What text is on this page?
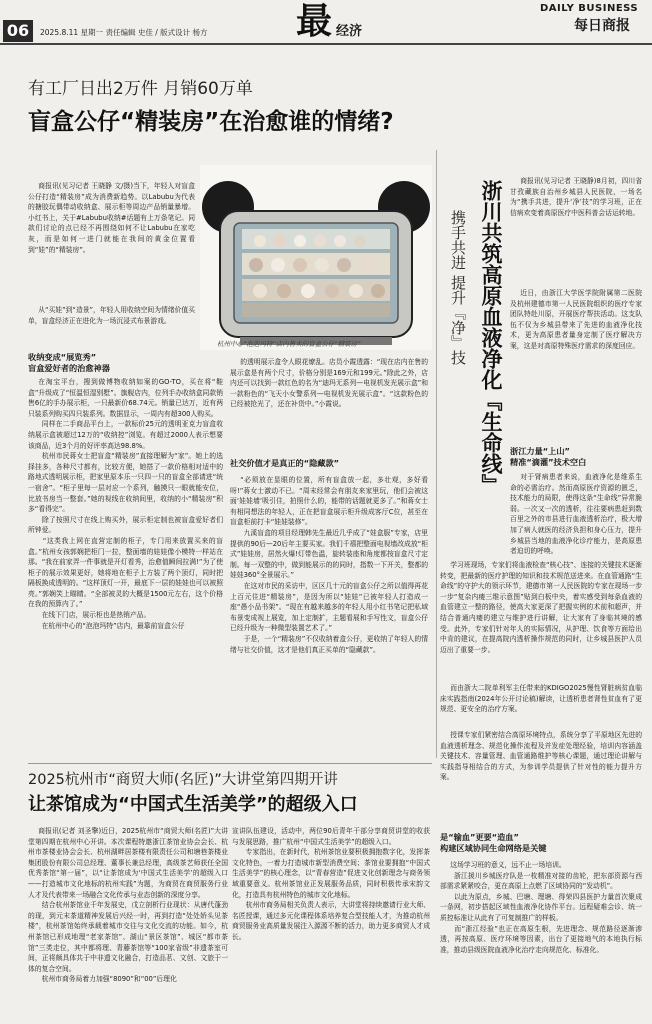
06	2025.8.11 星期一 责任编辑 史佳 / 版式设计 杨方 最 经济
DAILY BUSINESS
每日商报
有工厂日出2万件 月销60万单
盲盒公仔“精装房”在治愈谁的情绪?
商报讯(见习记者 王晓静 文/摄)当下，年轻人对盲盒公仔打造“精装房”成为消费新趋势。以Labubu为代表的搪胶玩偶带动收纳盒、展示柜等周边产品销量暴增。小红书上，关于#Labubu收纳#话题有上万条笔记。同款们讨论的点已经不再围绕如何不让Labubu在家吃灰，而是如何一进门就能在我间的黄金位置看到“娃”的“精装房”。
从“买娃”到“造景”，年轻人用收纳空间为情绪价值买单，盲盒经济正在进化为一场沉浸式布景游戏。
杭州中心“泡泡玛特”店内售卖的盲盒公仔“精装房”
收纳变成“展览秀”
盲盒爱好者的治愈神器
在淘宝平台，搜到做博物收纳如案的GO-TO，买在将“鞋盒”升级成了“恒温恒湿别墅”。旗舰店内，位列手办收纳盒同款销售6亿的手办展示柜，一只最新价68.74元。销量已达万，近有两只装系列购买四只装系列。数据显示，一周内有超300人购买。
　　同样在二手商品平台上，一款标价25元的透明亚克力盲盒收纳展示盒被超过12万的“收纳控”浏览。有超过2000人表示想要该商品，近3个月的好评率高达98.8%。
　　杭州市民蒋女士把盲盒“精装房”直接理解为“家”。她上的选择挂多，各种尺寸都有，比较方便，她搭了一款价格相对适中的路地式透明展示柜，把家里原本乐一只四一只的盲盒全部请进“统一宿舍”。“柜子里每一层对应一个系列，触摸只一眼就能安位，比放书房当一整套。”她的视线在收纳间里，收纳的小“精装房”积多“看得完”。
　　除了按照尺寸在线上购买外，展示柜定制也被盲盒爱好者们所钟爱。
　　“这类我上网在直营定制的柜子，专门用来放置买来的盲盒。”杭州女孩郭娴把柜门一拉，整面墙的娃娃像小模特一样站在那。“我在前家弄一件事就是开灯看秀，治愈值瞬间拉满!”为了使柜子的展示效果更好，她将地在柜子上方装了两个顶灯，同时把隔板换成透明的。“这样顶灯一开，最底下一层的娃娃也可以被照亮。”郭娴笑上瞄睛。“全部被灵的大概是1500元左右，这个价格在我的预算内了。”
　　在线下门店，展示柜也是热销产品。
　　在杭州中心的“泡泡玛特”店内，最靠前盲盒公仔
的透明展示盒令人眼花缭乱。店员小霞透露：“现在店内在售的展示盒是有两个尺寸，价格分别是169元和199元。”除此之外，店内还可以找到一款红色的名为“迪玛无系列—电视机发光展示盒”和一款粉色的“飞天小女警系列—电视机发光展示盒”。“这款粉色的已经被抢光了，还在补货中。”小霞说。
社交价值才是真正的“隐藏款”
“必须放在显眼的位置，所有盲盒放一起，多壮观，多好看呀!”蒋女士激动不已。“周末经常会有朋友来家里玩，他们会被这面‘娃娃墙’吸引住，拍照什么的，能带的话题就更多了。”和蒋女士有相同想法的年轻人，正在把盲盒展示柜升级成客厅C位，甚至在盲盒柜前打卡“娃娃装修”。
　　九溪盲盒的项目经理韩先生最近几乎成了“娃盒服”专家，店里提供的90后—20后年主要买家。我们千禧把整面电视墙改成放“柜式”娃娃房，居然火爆!灯带色温，旋转装座和角度都按盲盒尺寸定制。每一双整的中，做到能展示的的同时，指数一下开关，整都的娃娃360°全景展示。”
　　在这对市民的采访中，区区几十元的盲盒公仔之所以值得再花上百元住进“精装房”，是因为所以“娃娃”已被年轻人打造成一座“愚小品书架”。“现在有越来越多的年轻人用小红书笔记把私域布景变成视上展览，加上定制扩，主题看展和手写性文，盲盒公仔已经升级为一种微型装置艺术了。”
　　于是，一个“精装房”不仅收纳着盒公仔，更收纳了年轻人的情绪与社交价值，这才是他们真正买单的“隐藏款”。
浙川共筑高原血液净化『生命线』
携手共进 提升『净』技
商报讯(见习记者 王晓静)8月初，四川省甘孜藏族自治州乡城县人民医院，一场名为“携手共进，提升‘净’技”的学习班，正在信病欢变着高原医疗中医科普会话运转地。
近日，由浙江大学医学院附属第二医院及杭州建德市第一人民医院组织的医疗专家团队特赴川原，开展医疗帮扶活动。这支队伍不仅为乡城县带来了先进的血液净化技术，更为高原患者量身定制了医疗解决方案，这是对高原特殊医疗需求的深度回应。
浙江力量“上山”
精准“滴灌”技术空白
对于肾病患者来说，血液净化是维系生命的必需治疗。然而高原医疗资源的匮乏，技术能力的局限，使得这条“生命线”异常脆弱。一次又一次的透析，往往要病患赶到数百里之外的市县进行血液透析治疗，极大增加了病人就医的经济负担和身心压力，提升乡城县当地的血液净化诊疗能力，是高原患者迫切的呼唤。
学习班现场，专家们将血液检查“核心技”、连接的关键技术逐渐转变，把最新的医疗护理的知识和技术规范送进来。在血管通路“生命线”的守护大的领示环节，建德市第一人民医院的专家在现场一步一步“复杂内瘘三维示意图”贴到白板中央，着实感受到每条血液的血管建立一整的路径，使高大家更深了把握实例的术前和超声，并结合普通内瘘的建立与维护进行讲解，让大家有了身临其境的感受。此外，专家们针对年人的实际情况，从护理、饮食等方面给出中肯的建议，在提高院内透析操作规范的同时，让乡城县医护人员迈出了重要一步。
而由浙大二院单利军主任带来的KDIGO2025慢性肾脏病贫血临床实践指南(2024年公开讨论稿)解读，让透析患者肾性贫血有了更规范、更安全的治疗方案。
授课专家们紧密结合高原环境特点，系统分享了平原地区先进的血液透析理念、规范化操作流程及并发症处理经验，培训内容涵盖关键技术、容量管理、血管通路维护等核心课题，通过理论讲解与实践指导相结合的方式，为参训学员提供了针对性的能力提升方案。
是“输血”更要“造血”
构建区域协同生命网络是关键
这场学习班的意义，远不止一场培训。
　　浙江援川乡城医疗队是一枚精准对接的齿轮，把东部资源与西部需求紧紧咬合，更在高原上点燃了区域协同的“发动机”。
　　以此为原点，乡城、巴塘、理塘、得荣四县医护力量首次聚成一条网，初步搭起区域性血液净化协作平台。远程疑难会诊、统一质控标准让从此有了可复制推广的样板。
　　而“浙江经验”也正在高原生根，先进理念、规范路径逐渐渗透，再按高原、医疗环境等因素，出台了更接地气的本地执行标准，推动县级医院血液净化治疗走向规范化、标准化。
2025杭州市“商贸大师(名匠)”大讲堂第四期开讲
让茶馆成为“中国式生活美学”的超级入口
商报讯(记者 刘圣擎)近日，2025杭州市“商贸大师(名匠)”大讲堂第四期在杭州中心开讲。本次课程特邀浙江茶馆业协会会长、杭州市茶楼业协会会长、杭州湖畔居茶楼有限责任公司和塘巷茶楼业集团股份有限公司总经理、董事长兼总经理，高级茶艺师获任全国优秀茶馆“第一届”，以“让茶馆成为‘中国式生活美学’的超级入口——打造城市文化地标的杭州实践”为题，为商贸在商贸服务行业人才及代表带来一场融合文化传承与业态创新的深度分享。
　　结合杭州茶馆业千年发展史，戊立剖析行业现状：从唐代蓬劲的现，到元末茶道精神发展后兴经一时，再到打造“处处娇头见茶楼”，杭州茶馆始终承载着城市交往与文化交流的功能。如今，杭州茶馆已形成地理“老家茶馆”、湖山“景区茶馆”、城区“都市茶馆”三类走位，其中都将理、青藤茶馆等“100家省级”非遗茶室可间，正将颇具体共于中非遗文化融合，打造品茗、文创、文旅于一体的复合空间。
　　杭州市商务局着力加强“8090”和“00”后理化
宣讲队伍建设，活动中，两位90后青年干部分享商贸讲堂的收获与发展思路，推广杭州“中国式生活美学”的超级入口。
　　专家指出，在新时代，杭州茶馆业要积极拥抱数字化，发挥茶文化特色，一着力打造城市新型消费空间；茶馆业要拥抱“中国式生活美学”的核心理念，以“青春营造”促进文化创新理念与商务领域重要意义。杭州茶馆业正发展服务品质，同时积极传承宋韵文化，打造具有杭州特色的城市文化地标。
　　杭州市商务局相关负责人表示，大讲堂将持续邀请行业大师、名匠授课，通过多元化课程体系培养复合型技能人才，为推动杭州商贸服务业高质量发展注入源源不断的活力，助力更多商贸人才成长。
